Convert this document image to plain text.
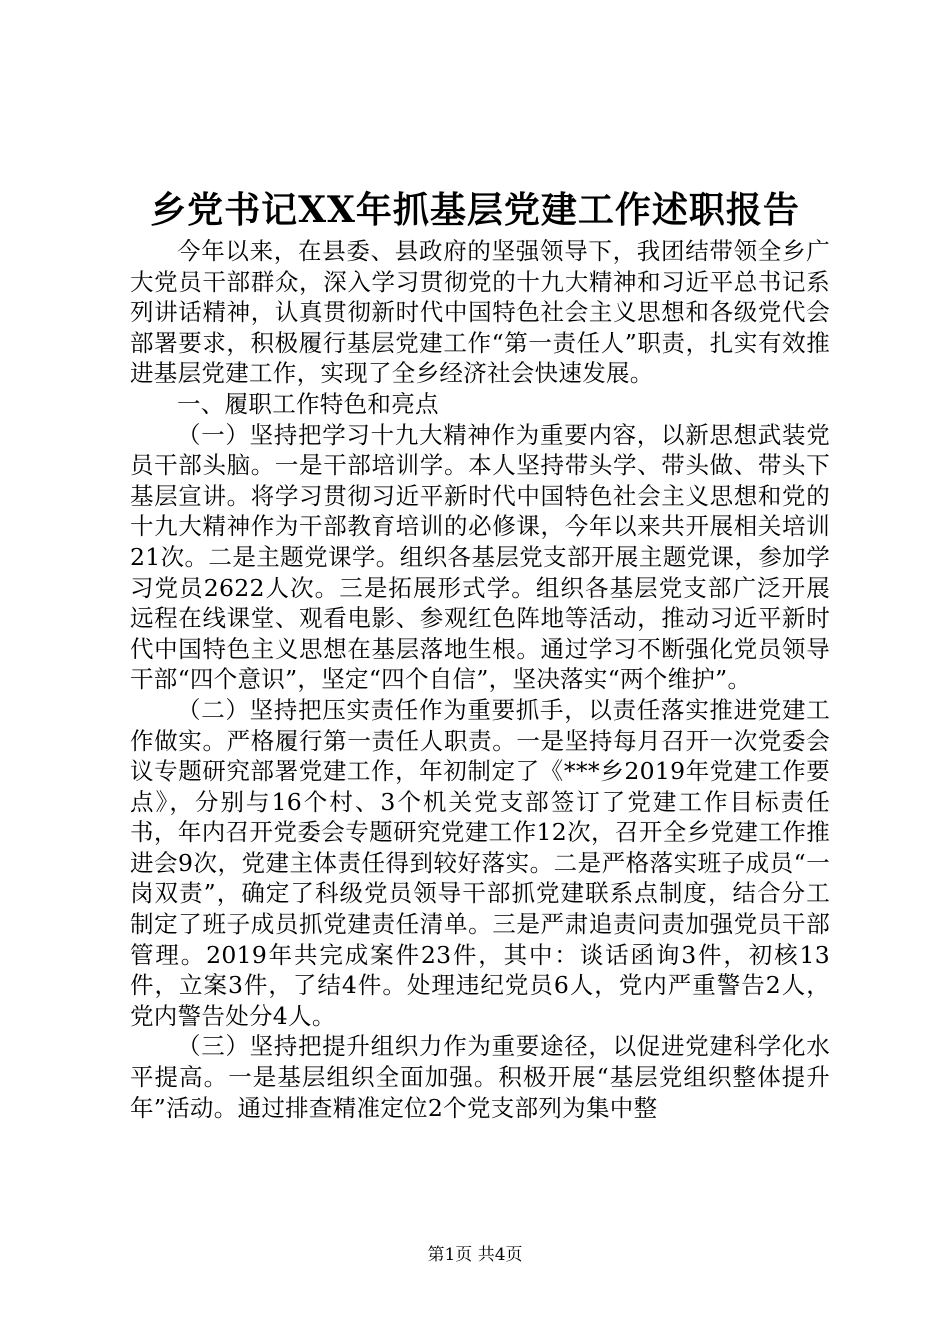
乡党书记XX年抓基层党建工作述职报告

今年以来，在县委、县政府的坚强领导下，我团结带领全乡广大党员干部群众，深入学习贯彻党的十九大精神和习近平总书记系列讲话精神，认真贯彻新时代中国特色社会主义思想和各级党代会部署要求，积极履行基层党建工作“第一责任人”职责，扎实有效推进基层党建工作，实现了全乡经济社会快速发展。

一、履职工作特色和亮点

（一）坚持把学习十九大精神作为重要内容，以新思想武装党员干部头脑。一是干部培训学。本人坚持带头学、带头做、带头下基层宣讲。将学习贯彻习近平新时代中国特色社会主义思想和党的十九大精神作为干部教育培训的必修课，今年以来共开展相关培训21次。二是主题党课学。组织各基层党支部开展主题党课，参加学习党员2622人次。三是拓展形式学。组织各基层党支部广泛开展远程在线课堂、观看电影、参观红色阵地等活动，推动习近平新时代中国特色主义思想在基层落地生根。通过学习不断强化党员领导干部“四个意识”，坚定“四个自信”，坚决落实“两个维护”。

（二）坚持把压实责任作为重要抓手，以责任落实推进党建工作做实。严格履行第一责任人职责。一是坚持每月召开一次党委会议专题研究部署党建工作，年初制定了《***乡2019年党建工作要点》，分别与16个村、3个机关党支部签订了党建工作目标责任书，年内召开党委会专题研究党建工作12次，召开全乡党建工作推进会9次，党建主体责任得到较好落实。二是严格落实班子成员“一岗双责”，确定了科级党员领导干部抓党建联系点制度，结合分工制定了班子成员抓党建责任清单。三是严肃追责问责加强党员干部管理。2019年共完成案件23件，其中：谈话函询3件，初核13件，立案3件，了结4件。处理违纪党员6人，党内严重警告2人，党内警告处分4人。

（三）坚持把提升组织力作为重要途径，以促进党建科学化水平提高。一是基层组织全面加强。积极开展“基层党组织整体提升年”活动。通过排查精准定位2个党支部列为集中整

第1页 共4页
